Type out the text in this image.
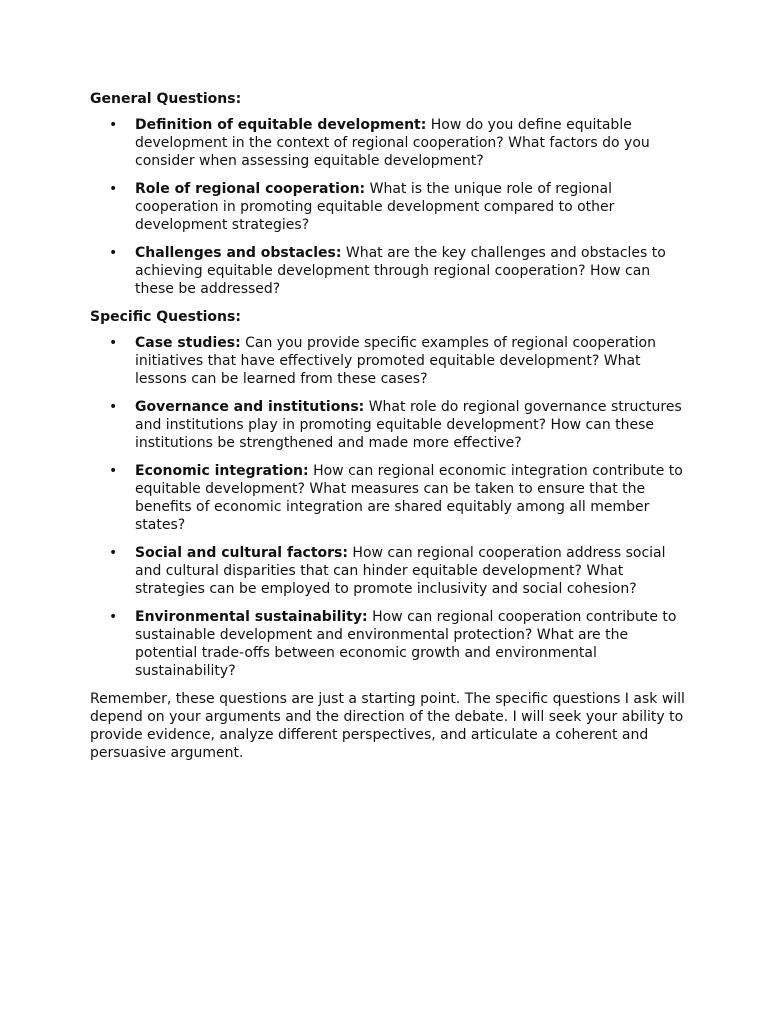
General Questions:
• Definition of equitable development: How do you define equitable development in the context of regional cooperation? What factors do you consider when assessing equitable development?
• Role of regional cooperation: What is the unique role of regional cooperation in promoting equitable development compared to other development strategies?
• Challenges and obstacles: What are the key challenges and obstacles to achieving equitable development through regional cooperation? How can these be addressed?
Specific Questions:
• Case studies: Can you provide specific examples of regional cooperation initiatives that have effectively promoted equitable development? What lessons can be learned from these cases?
• Governance and institutions: What role do regional governance structures and institutions play in promoting equitable development? How can these institutions be strengthened and made more effective?
• Economic integration: How can regional economic integration contribute to equitable development? What measures can be taken to ensure that the benefits of economic integration are shared equitably among all member states?
• Social and cultural factors: How can regional cooperation address social and cultural disparities that can hinder equitable development? What strategies can be employed to promote inclusivity and social cohesion?
• Environmental sustainability: How can regional cooperation contribute to sustainable development and environmental protection? What are the potential trade-offs between economic growth and environmental sustainability?

Remember, these questions are just a starting point. The specific questions I ask will depend on your arguments and the direction of the debate. I will seek your ability to provide evidence, analyze different perspectives, and articulate a coherent and persuasive argument.
